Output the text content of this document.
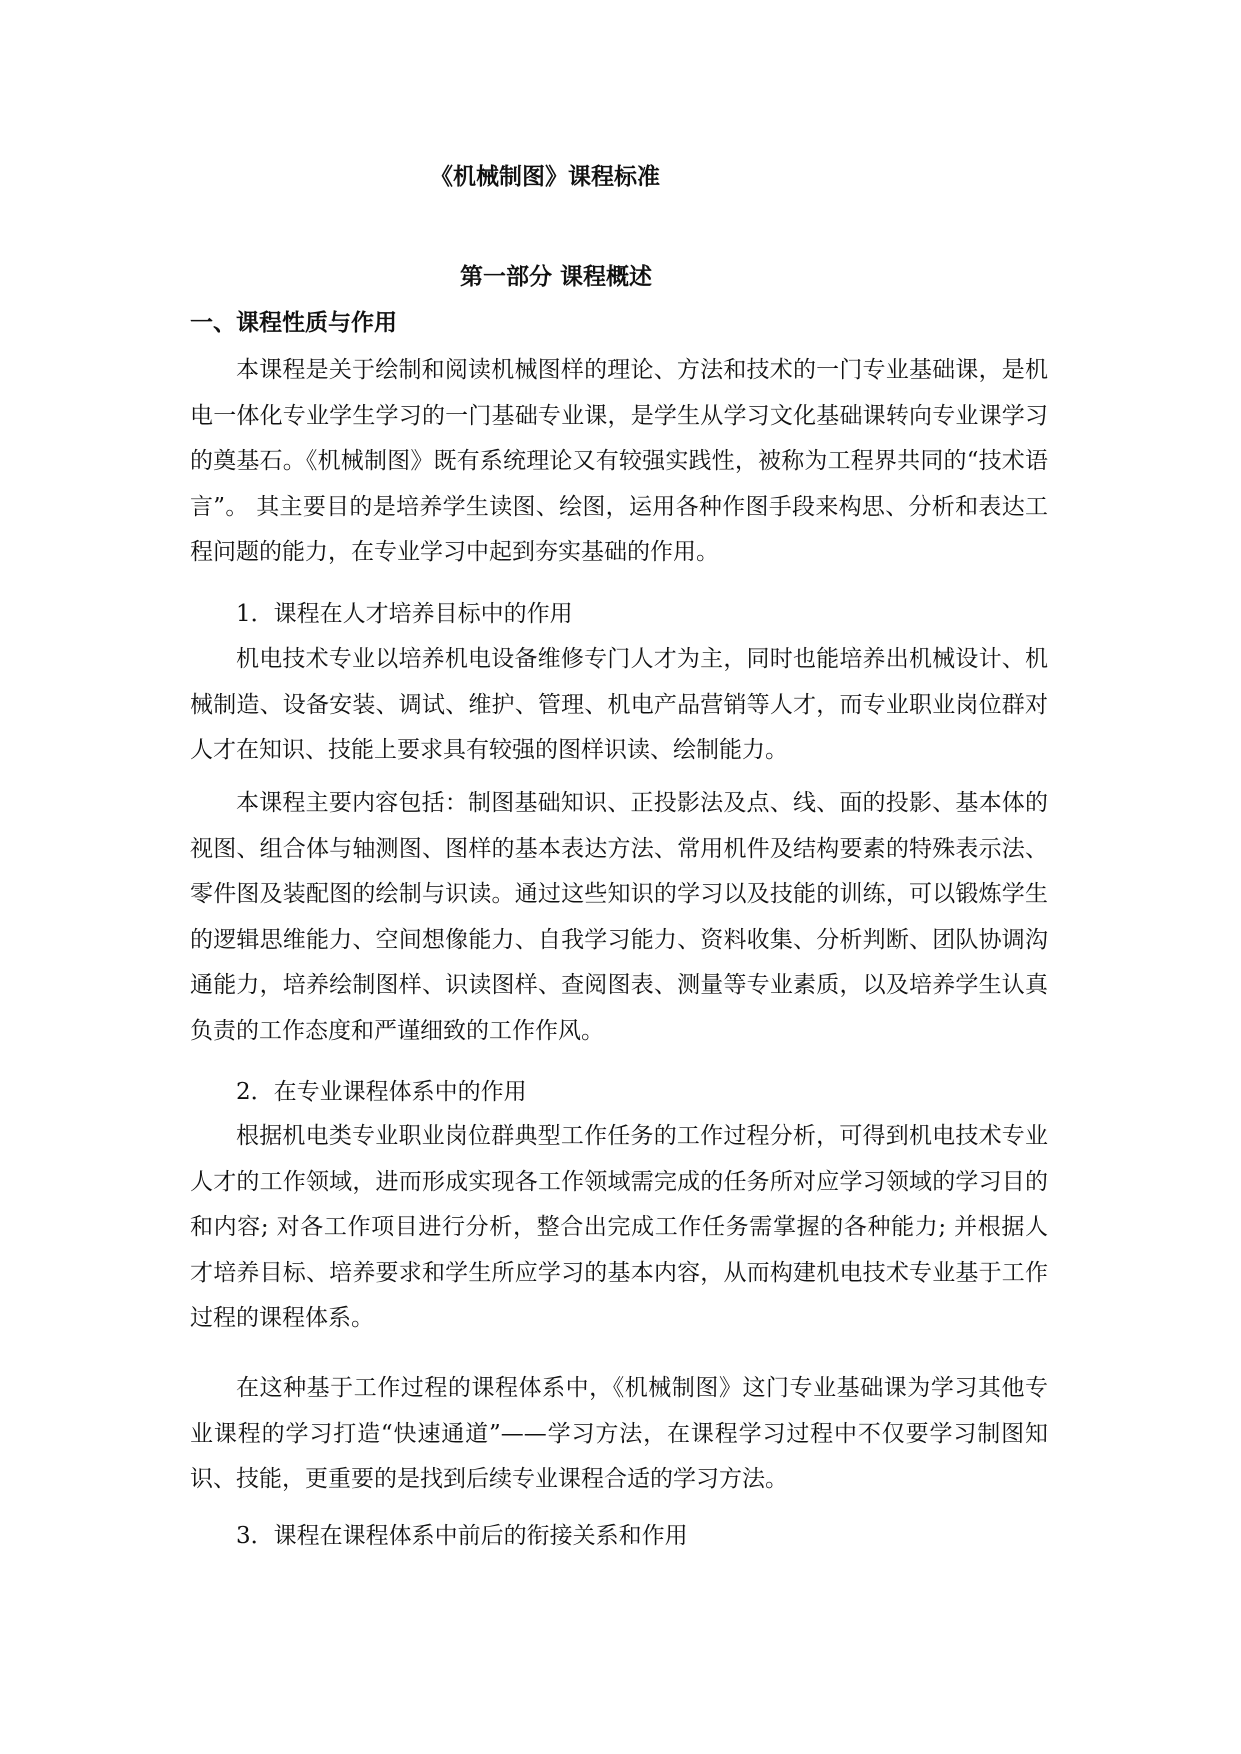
《机械制图》课程标准
第一部分 课程概述
一、课程性质与作用

本课程是关于绘制和阅读机械图样的理论、方法和技术的一门专业基础课，是机电一体化专业学生学习的一门基础专业课，是学生从学习文化基础课转向专业课学习的奠基石。《机械制图》既有系统理论又有较强实践性，被称为工程界共同的“技术语言”。 其主要目的是培养学生读图、绘图，运用各种作图手段来构思、分析和表达工程问题的能力，在专业学习中起到夯实基础的作用。

1．课程在人才培养目标中的作用

机电技术专业以培养机电设备维修专门人才为主，同时也能培养出机械设计、机械制造、设备安装、调试、维护、管理、机电产品营销等人才，而专业职业岗位群对人才在知识、技能上要求具有较强的图样识读、绘制能力。

本课程主要内容包括：制图基础知识、正投影法及点、线、面的投影、基本体的视图、组合体与轴测图、图样的基本表达方法、常用机件及结构要素的特殊表示法、零件图及装配图的绘制与识读。通过这些知识的学习以及技能的训练，可以锻炼学生的逻辑思维能力、空间想像能力、自我学习能力、资料收集、分析判断、团队协调沟通能力，培养绘制图样、识读图样、查阅图表、测量等专业素质，以及培养学生认真负责的工作态度和严谨细致的工作作风。

2．在专业课程体系中的作用

根据机电类专业职业岗位群典型工作任务的工作过程分析，可得到机电技术专业人才的工作领域，进而形成实现各工作领域需完成的任务所对应学习领域的学习目的和内容; 对各工作项目进行分析，整合出完成工作任务需掌握的各种能力; 并根据人才培养目标、培养要求和学生所应学习的基本内容，从而构建机电技术专业基于工作过程的课程体系。

在这种基于工作过程的课程体系中，《机械制图》这门专业基础课为学习其他专业课程的学习打造“快速通道”——学习方法，在课程学习过程中不仅要学习制图知识、技能，更重要的是找到后续专业课程合适的学习方法。

3．课程在课程体系中前后的衔接关系和作用
